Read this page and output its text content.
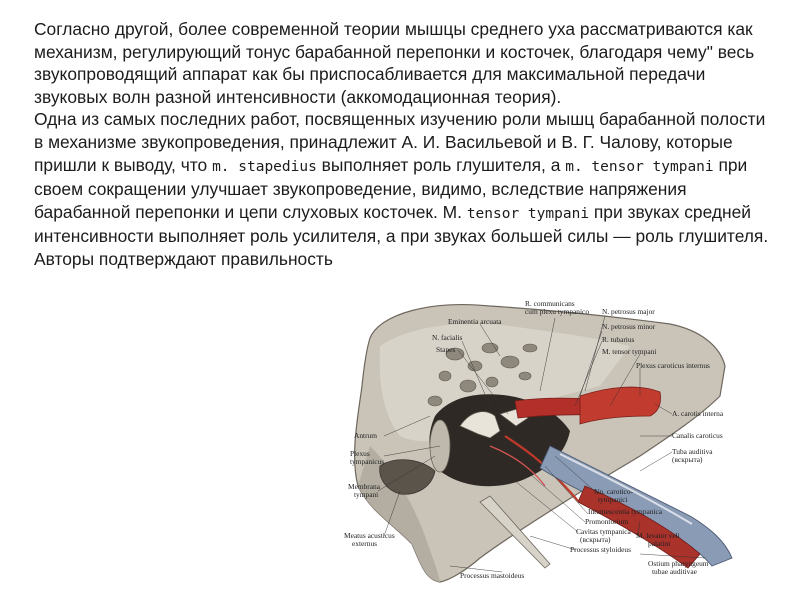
Согласно другой, более современной теории мышцы среднего уха рассматриваются как механизм, регулирующий тонус барабанной перепонки и косточек, благодаря чему" весь звукопроводящий аппарат как бы приспосабливается для максимальной передачи звуковых волн разной интенсивности (аккомодационная теория).

Одна из самых последних работ, посвященных изучению роли мышц барабанной полости в механизме звукопроведения, принадлежит А. И. Васильевой и В. Г. Чалову, которые пришли к выводу, что m. stapedius выполняет роль глушителя, а m. tensor tympani при своем сокращении улучшает звукопроведение, видимо, вследствие напряжения барабанной перепонки и цепи слуховых косточек. М. tensor tympani при звуках средней интенсивности выполняет роль усилителя, а при звуках большей силы — роль глушителя. Авторы подтверждают правильность

R. communicans
cum plexu tympanico N. petrosus major
Eminentia arcuata
N. petrosus minor
N. facialis	R. tubarius
Stapes	M. tensor tympani
Plexus caroticus internus
A. carotis interna
Antrum	Canalis caroticus
Tuba auditiva
(вскрыта)
Plexus
tympanicus
Membrana
tympani	Nn. carotico-
tympanici
Intumescentia tympanica
Promontorium
Meatus acusticus
externus
Cavitas tympanica
(вскрыта)
Processus styloideus
M. levator veli
palatini
Processus mastoideus
Ostium pharyngeum
tubae auditivae
